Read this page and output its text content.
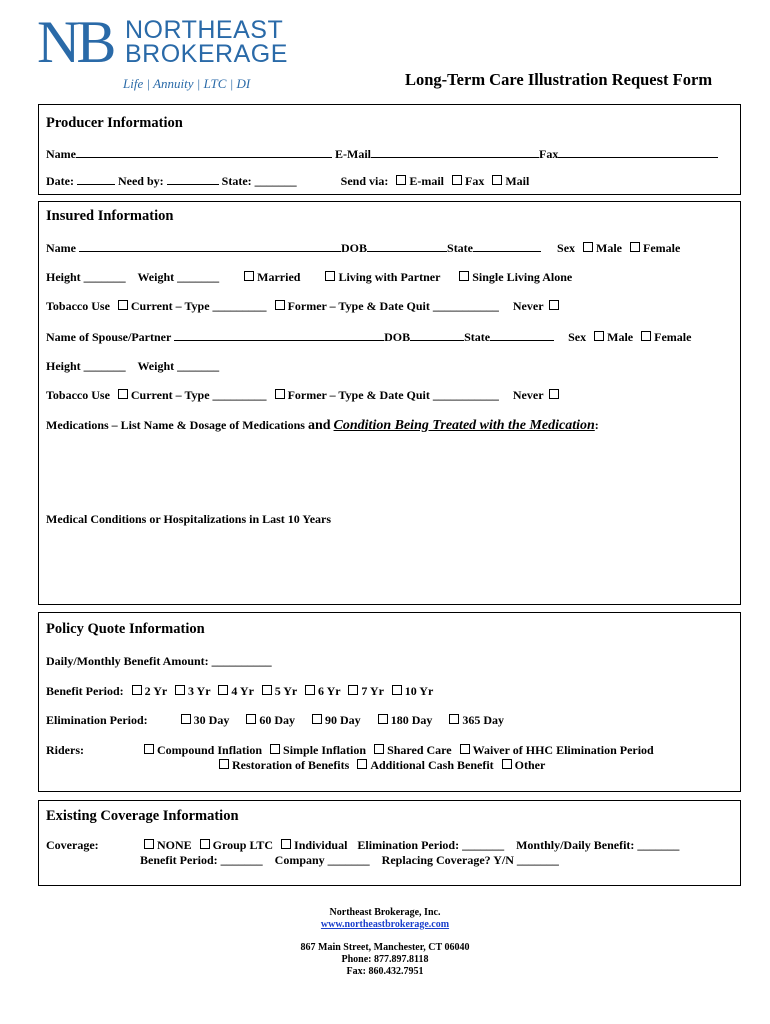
NB NORTHEAST
BROKERAGE
Life | Annuity | LTC | DI	Long-Term Care Illustration Request Form
Producer Information
Name	E-Mail	Fax
Date:	Need by:	State: _______	Send via: E-mail Fax Mail
Insured Information
Name	DOB	State	Sex Male Female
Height _______ Weight _______	Married	Living with Partner	Single Living Alone
Tobacco Use Current – Type _________ Former – Type & Date Quit ___________ Never
Name of Spouse/Partner	DOB	State	Sex Male Female
Height _______ Weight _______
Tobacco Use Current – Type _________ Former – Type & Date Quit ___________ Never
Medications – List Name & Dosage of Medications and Condition Being Treated with the Medication:
Medical Conditions or Hospitalizations in Last 10 Years
Policy Quote Information
Daily/Monthly Benefit Amount: __________
Benefit Period: 2 Yr 3 Yr 4 Yr 5 Yr 6 Yr 7 Yr 10 Yr
Elimination Period:	30 Day	60 Day	90 Day	180 Day	365 Day
Riders:	Compound Inflation Simple Inflation Shared Care Waiver of HHC Elimination Period
Restoration of Benefits Additional Cash Benefit Other
Existing Coverage Information
Coverage:	NONE Group LTC Individual Elimination Period: _______ Monthly/Daily Benefit: _______
Benefit Period: _______ Company _______ Replacing Coverage? Y/N _______
Northeast Brokerage, Inc.
www.northeastbrokerage.com
867 Main Street, Manchester, CT 06040
Phone: 877.897.8118
Fax: 860.432.7951
